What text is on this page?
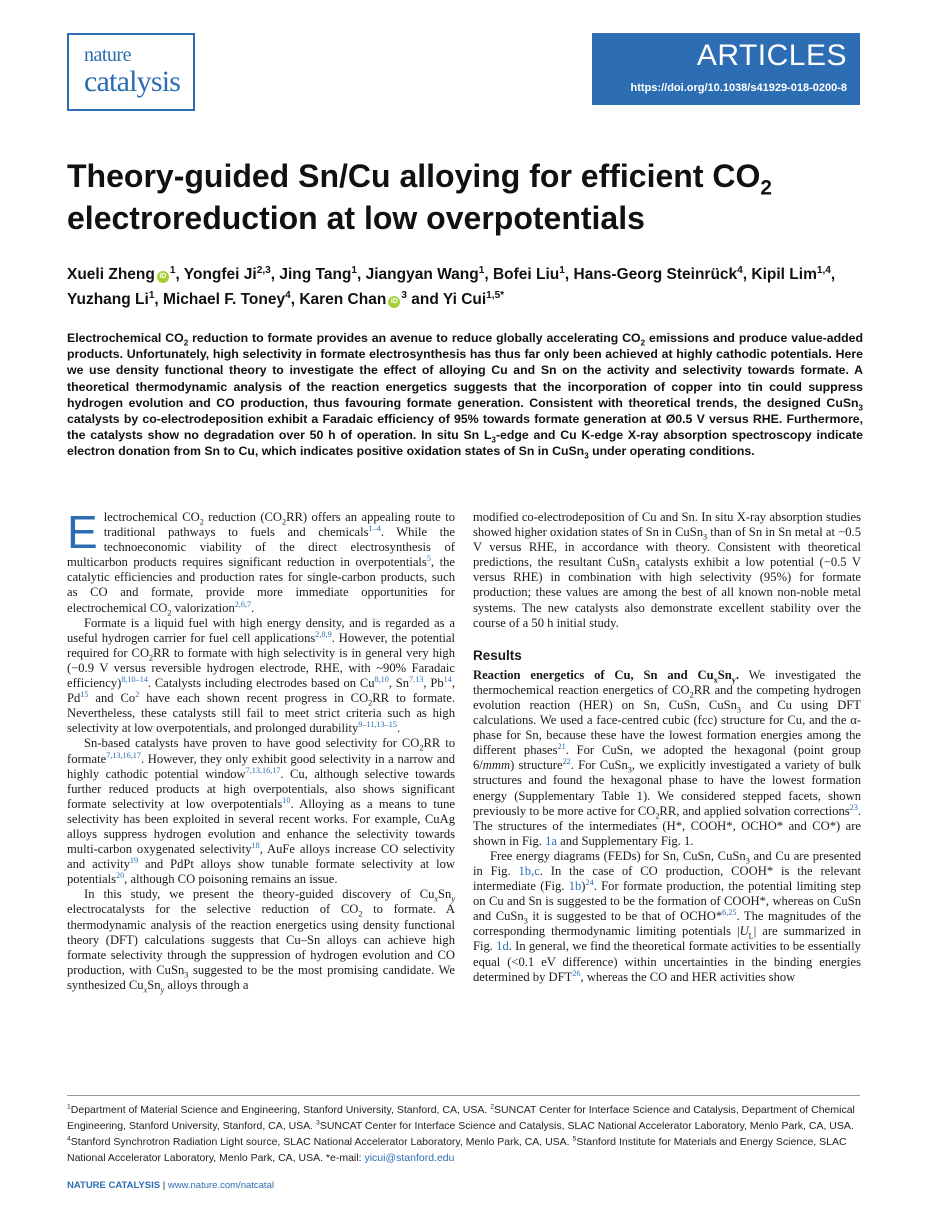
nature
catalysis
ARTICLES
https://doi.org/10.1038/s41929-018-0200-8
Theory-guided Sn/Cu alloying for efficient $CO_2$ electroreduction at low overpotentials
Xueli Zheng $iD^1$, Yongfei Ji$^{2,3}$, Jing Tang$^1$, Jiangyan Wang$^1$, Bofei Liu$^1$, Hans-Georg Steinrück$^4$, Kipil Lim$^{1,4}$, Yuzhang Li$^1$, Michael F. Toney$^4$, Karen Chan $iD^3$ and Yi Cui$^{1,5*}$
Electrochemical $CO_2$ reduction to formate provides an avenue to reduce globally accelerating $CO_2$ emissions and produce value-added products. Unfortunately, high selectivity in formate electrosynthesis has thus far only been achieved at highly cathodic potentials. Here we use density functional theory to investigate the effect of alloying Cu and Sn on the activity and selectivity towards formate. A theoretical thermodynamic analysis of the reaction energetics suggests that the incorporation of copper into tin could suppress hydrogen evolution and CO production, thus favouring formate generation. Consistent with theoretical trends, the designed CuSn$_3$ catalysts by co-electrodeposition exhibit a Faradaic efficiency of 95% towards formate generation at Ø0.5 V versus RHE. Furthermore, the catalysts show no degradation over 50 h of operation. In situ Sn $L_3$-edge and Cu K-edge X-ray absorption spectroscopy indicate electron donation from Sn to Cu, which indicates positive oxidation states of Sn in CuSn$_3$ under operating conditions.

Electrochemical $CO_2$ reduction $(CO_2RR)$ offers an appealing route to traditional pathways to fuels and chemicals$^{1-4}$. While the technoeconomic viability of the direct electrosynthesis of multicarbon products requires significant reduction in overpotentials$^5$, the catalytic efficiencies and production rates for single-carbon products, such as CO and formate, provide more immediate opportunities for electrochemical $CO_2$ valorization$^{2,6,7}$.

Formate is a liquid fuel with high energy density, and is regarded as a useful hydrogen carrier for fuel cell applications$^{2,8,9}$. However, the potential required for $CO_2RR$ to formate with high selectivity is in general very high (−0.9 V versus reversible hydrogen electrode, RHE, with ~90% Faradaic efficiency)$^{8,10-14}$. Catalysts including electrodes based on Cu$^{8,10}$, Sn$^{7,13}$, Pb$^{14}$, Pd$^{15}$ and Co$^2$ have each shown recent progress in $CO_2RR$ to formate. Nevertheless, these catalysts still fail to meet strict criteria such as high selectivity at low overpotentials, and prolonged durability$^{9-11,13-15}$.

Sn-based catalysts have proven to have good selectivity for $CO_2RR$ to formate$^{7,13,16,17}$. However, they only exhibit good selectivity in a narrow and highly cathodic potential window$^{7,13,16,17}$. Cu, although selective towards further reduced products at high overpotentials, also shows significant formate selectivity at low overpotentials$^{10}$. Alloying as a means to tune selectivity has been exploited in several recent works. For example, CuAg alloys suppress hydrogen evolution and enhance the selectivity towards multi-carbon oxygenated selectivity$^{18}$, AuFe alloys increase CO selectivity and activity$^{19}$ and PdPt alloys show tunable formate selectivity at low potentials$^{20}$, although CO poisoning remains an issue.

In this study, we present the theory-guided discovery of $Cu_xSn_y$ electrocatalysts for the selective reduction of $CO_2$ to formate. A thermodynamic analysis of the reaction energetics using density functional theory (DFT) calculations suggests that Cu–Sn alloys can achieve high formate selectivity through the suppression of hydrogen evolution and CO production, with CuSn$_3$ suggested to be the most promising candidate. We synthesized $Cu_xSn_y$ alloys through a

modified co-electrodeposition of Cu and Sn. In situ X-ray absorption studies showed higher oxidation states of Sn in CuSn$_3$ than of Sn in Sn metal at −0.5 V versus RHE, in accordance with theory. Consistent with theoretical predictions, the resultant CuSn$_3$ catalysts exhibit a low potential (−0.5 V versus RHE) in combination with high selectivity (95%) for formate production; these values are among the best of all known non-noble metal systems. The new catalysts also demonstrate excellent stability over the course of a 50 h initial study.

Results

Reaction energetics of Cu, Sn and $Cu_xSn_y$. We investigated the thermochemical reaction energetics of $CO_2RR$ and the competing hydrogen evolution reaction (HER) on Sn, CuSn, CuSn$_3$ and Cu using DFT calculations. We used a face-centred cubic (fcc) structure for Cu, and the α-phase for Sn, because these have the lowest formation energies among the different phases$^{21}$. For CuSn, we adopted the hexagonal (point group 6/mmm) structure$^{22}$. For CuSn$_3$, we explicitly investigated a variety of bulk structures and found the hexagonal phase to have the lowest formation energy (Supplementary Table 1). We considered stepped facets, shown previously to be more active for $CO_2RR$, and applied solvation corrections$^{23}$. The structures of the intermediates (H*, COOH*, OCHO* and CO*) are shown in Fig. 1a and Supplementary Fig. 1.

Free energy diagrams (FEDs) for Sn, CuSn, CuSn$_3$ and Cu are presented in Fig. 1b,c. In the case of CO production, COOH* is the relevant intermediate (Fig. 1b)$^{24}$. For formate production, the potential limiting step on Cu and Sn is suggested to be the formation of COOH*, whereas on CuSn and CuSn$_3$ it is suggested to be that of OCHO*$^{6,25}$. The magnitudes of the corresponding thermodynamic limiting potentials $|U_L|$ are summarized in Fig. 1d. In general, we find the theoretical formate activities to be essentially equal (<0.1 eV difference) within uncertainties in the binding energies determined by DFT$^{26}$, whereas the CO and HER activities show

$^1$Department of Material Science and Engineering, Stanford University, Stanford, CA, USA. $^2$SUNCAT Center for Interface Science and Catalysis, Department of Chemical Engineering, Stanford University, Stanford, CA, USA. $^3$SUNCAT Center for Interface Science and Catalysis, SLAC National Accelerator Laboratory, Menlo Park, CA, USA. $^4$Stanford Synchrotron Radiation Light source, SLAC National Accelerator Laboratory, Menlo Park, CA, USA. $^5$Stanford Institute for Materials and Energy Science, SLAC National Accelerator Laboratory, Menlo Park, CA, USA. *e-mail: yicui@stanford.edu
NATURE CATALYSIS | www.nature.com/natcatal
